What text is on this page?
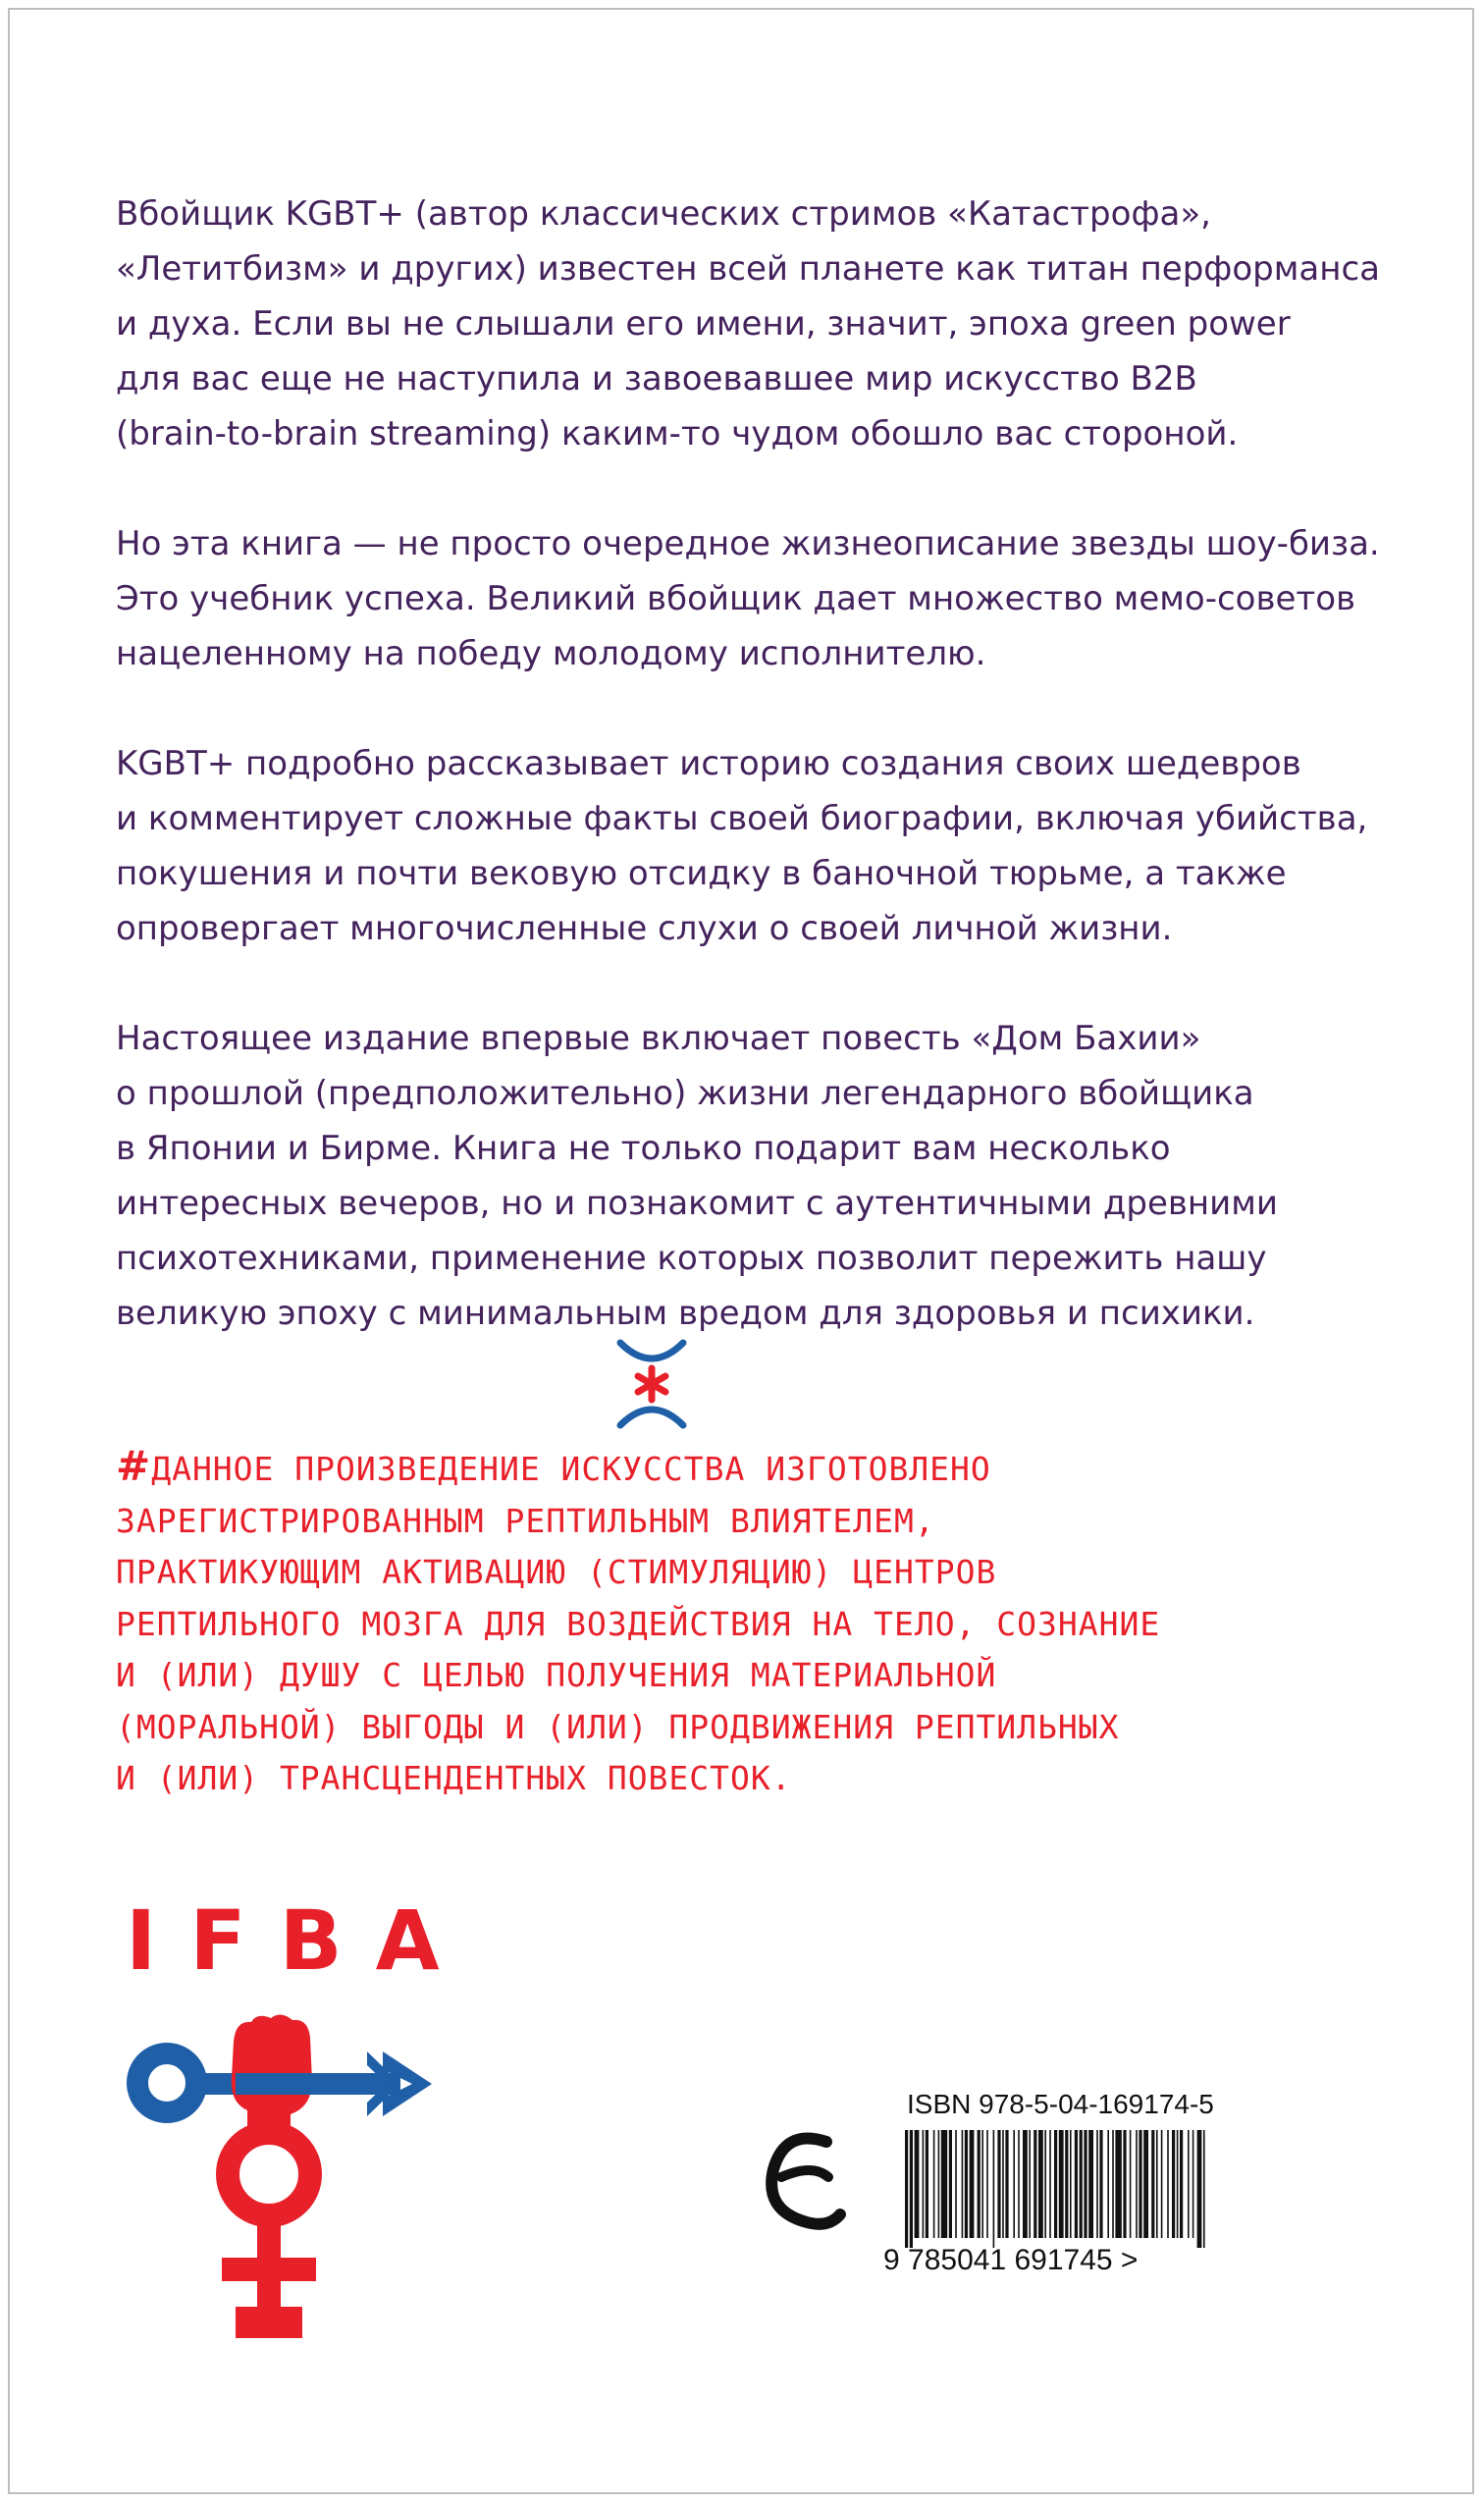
Вбойщик KGBT+ (автор классических стримов «Катастрофа»,
«Летитбизм» и других) известен всей планете как титан перформанса
и духа. Если вы не слышали его имени, значит, эпоха green power
для вас еще не наступила и завоевавшее мир искусство B2B
(brain-to-brain streaming) каким-то чудом обошло вас стороной.

Но эта книга — не просто очередное жизнеописание звезды шоу-биза.
Это учебник успеха. Великий вбойщик дает множество мемо-советов
нацеленному на победу молодому исполнителю.

KGBT+ подробно рассказывает историю создания своих шедевров
и комментирует сложные факты своей биографии, включая убийства,
покушения и почти вековую отсидку в баночной тюрьме, а также
опровергает многочисленные слухи о своей личной жизни.

Настоящее издание впервые включает повесть «Дом Бахии»
о прошлой (предположительно) жизни легендарного вбойщика
в Японии и Бирме. Книга не только подарит вам несколько
интересных вечеров, но и познакомит с аутентичными древними
психотехниками, применение которых позволит пережить нашу
великую эпоху с минимальным вредом для здоровья и психики.

#ДАННОЕ ПРОИЗВЕДЕНИЕ ИСКУССТВА ИЗГОТОВЛЕНО
ЗАРЕГИСТРИРОВАННЫМ РЕПТИЛЬНЫМ ВЛИЯТЕЛЕМ,
ПРАКТИКУЮЩИМ АКТИВАЦИЮ (СТИМУЛЯЦИЮ) ЦЕНТРОВ
РЕПТИЛЬНОГО МОЗГА ДЛЯ ВОЗДЕЙСТВИЯ НА ТЕЛО, СОЗНАНИЕ
И (ИЛИ) ДУШУ С ЦЕЛЬЮ ПОЛУЧЕНИЯ МАТЕРИАЛЬНОЙ
(МОРАЛЬНОЙ) ВЫГОДЫ И (ИЛИ) ПРОДВИЖЕНИЯ РЕПТИЛЬНЫХ
И (ИЛИ) ТРАНСЦЕНДЕНТНЫХ ПОВЕСТОК.
IFBA
ISBN 978-5-04-169174-5
9 785041 691745 >
